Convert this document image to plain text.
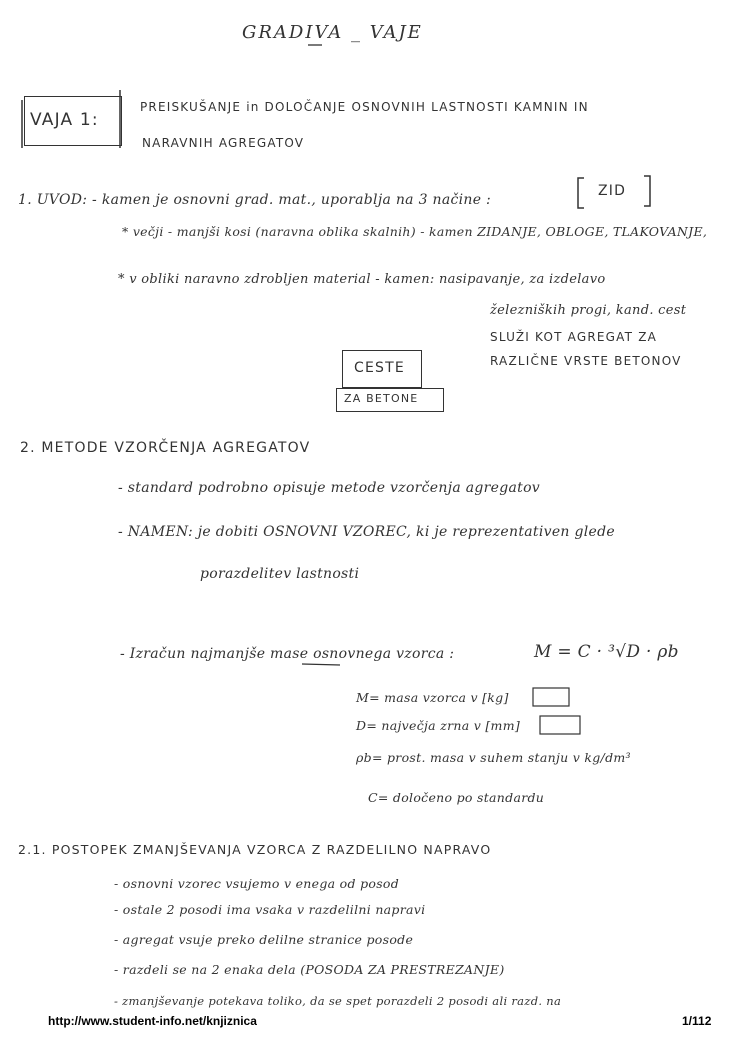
GRADIVA _ VAJE
VAJA 1:
PREISKUŠANJE in DOLOČANJE OSNOVNIH LASTNOSTI KAMNIN IN
NARAVNIH AGREGATOV
1. UVOD: - kamen je osnovni grad. mat., uporablja na 3 načine :
ZID
* večji - manjši kosi (naravna oblika skalnih) - kamen ZIDANJE, OBLOGE, TLAKOVANJE,
* v obliki naravno zdrobljen material - kamen: nasipavanje, za izdelavo
železniških progi, kand. cest
SLUŽI KOT AGREGAT ZA
RAZLIČNE VRSTE BETONOV
CESTE
ZA BETONE
2. METODE VZORČENJA AGREGATOV
- standard podrobno opisuje metode vzorčenja agregatov
- NAMEN: je dobiti OSNOVNI VZOREC, ki je reprezentativen glede
porazdelitev lastnosti
- Izračun najmanjše mase osnovnega vzorca :	M = C · ³√D · ρb
M= masa vzorca v [kg]
D= največja zrna v [mm]
ρb= prost. masa v suhem stanju v kg/dm³
C= določeno po standardu
2.1. POSTOPEK ZMANJŠEVANJA VZORCA Z RAZDELILNO NAPRAVO
- osnovni vzorec vsujemo v enega od posod
- ostale 2 posodi ima vsaka v razdelilni napravi
- agregat vsuje preko delilne stranice posode
- razdeli se na 2 enaka dela (POSODA ZA PRESTREZANJE)
- zmanjševanje potekava toliko, da se spet porazdeli 2 posodi ali razd. na
http://www.student-info.net/knjiznica	1/112
